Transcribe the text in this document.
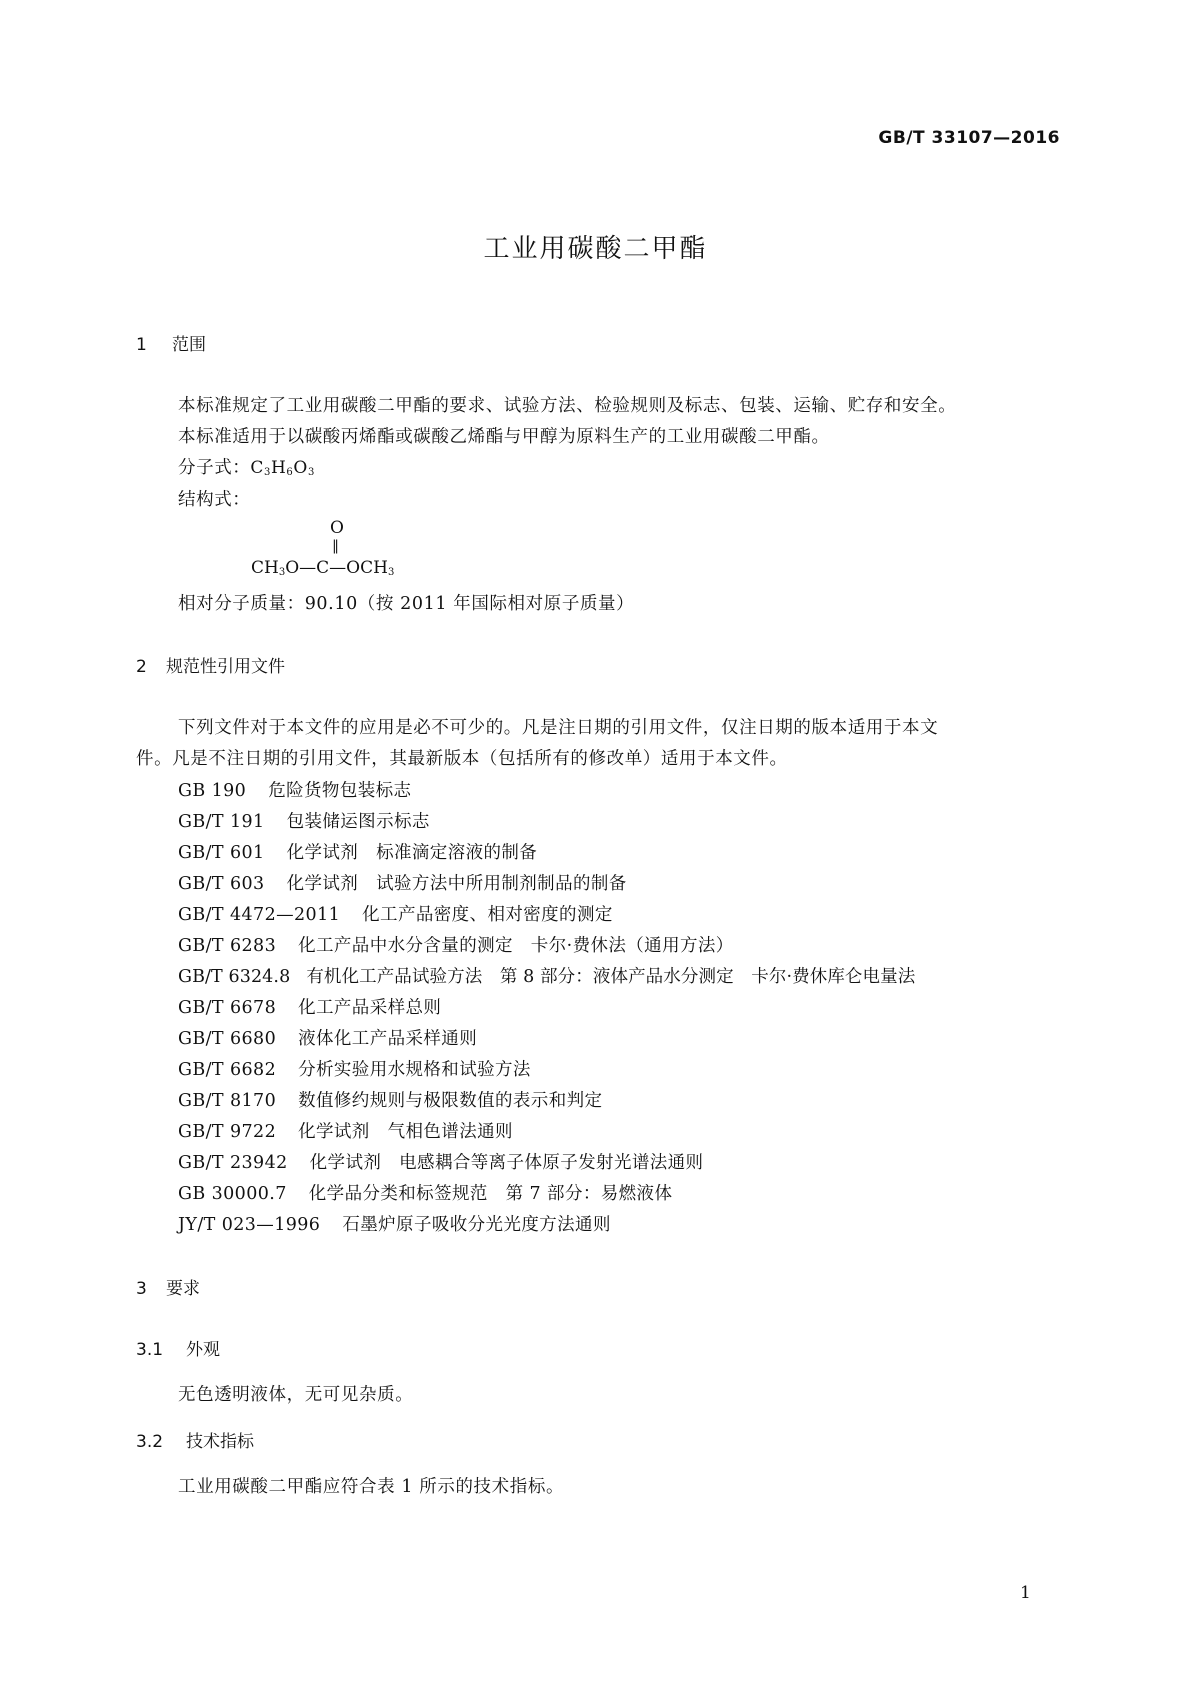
GB/T 33107—2016
工业用碳酸二甲酯
1 范围
本标准规定了工业用碳酸二甲酯的要求、试验方法、检验规则及标志、包装、运输、贮存和安全。
本标准适用于以碳酸丙烯酯或碳酸乙烯酯与甲醇为原料生产的工业用碳酸二甲酯。
分子式：$C_3H_6O_3$
结构式：
O
‖
$CH_3O—C—OCH_3$
相对分子质量：90.10（按 2011 年国际相对原子质量）
2 规范性引用文件
下列文件对于本文件的应用是必不可少的。凡是注日期的引用文件，仅注日期的版本适用于本文
件。凡是不注日期的引用文件，其最新版本（包括所有的修改单）适用于本文件。
GB 190 危险货物包装标志
GB/T 191 包装储运图示标志
GB/T 601 化学试剂　标准滴定溶液的制备
GB/T 603 化学试剂　试验方法中所用制剂制品的制备
GB/T 4472—2011 化工产品密度、相对密度的测定
GB/T 6283 化工产品中水分含量的测定　卡尔·费休法（通用方法）
GB/T 6324.8 有机化工产品试验方法　第 8 部分：液体产品水分测定　卡尔·费休库仑电量法
GB/T 6678 化工产品采样总则
GB/T 6680 液体化工产品采样通则
GB/T 6682 分析实验用水规格和试验方法
GB/T 8170 数值修约规则与极限数值的表示和判定
GB/T 9722 化学试剂　气相色谱法通则
GB/T 23942 化学试剂　电感耦合等离子体原子发射光谱法通则
GB 30000.7 化学品分类和标签规范　第 7 部分：易燃液体
JY/T 023—1996 石墨炉原子吸收分光光度方法通则
3 要求
3.1 外观
无色透明液体，无可见杂质。
3.2 技术指标
工业用碳酸二甲酯应符合表 1 所示的技术指标。
1
